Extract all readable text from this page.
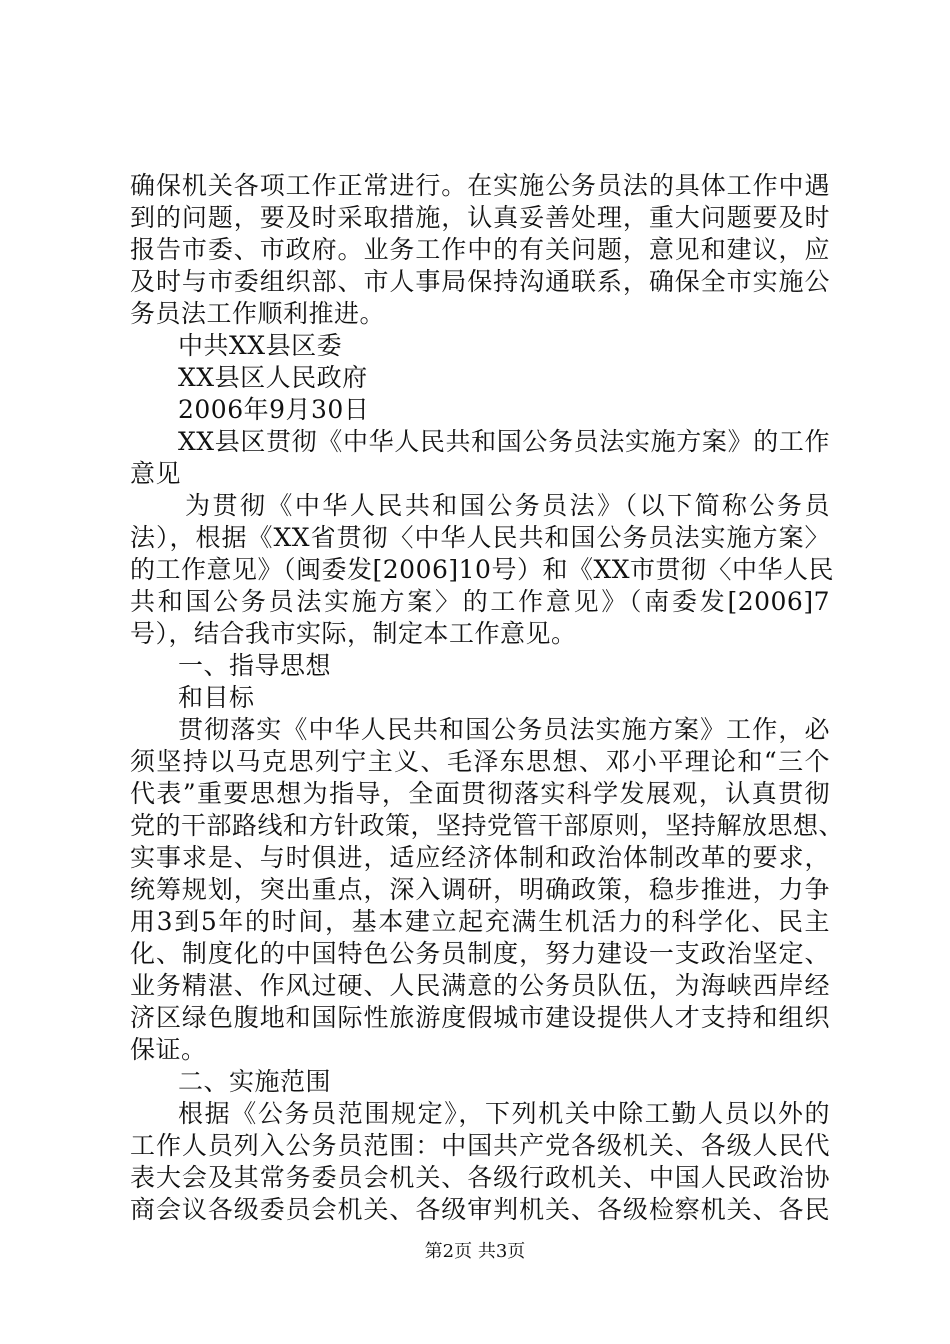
确保机关各项工作正常进行。在实施公务员法的具体工作中遇
到的问题，要及时采取措施，认真妥善处理，重大问题要及时
报告市委、市政府。业务工作中的有关问题，意见和建议，应
及时与市委组织部、市人事局保持沟通联系，确保全市实施公
务员法工作顺利推进。
中共XX县区委
XX县区人民政府
2006年9月30日
XX县区贯彻《中华人民共和国公务员法实施方案》的工作
意见
为贯彻《中华人民共和国公务员法》（以下简称公务员
法），根据《XX省贯彻〈中华人民共和国公务员法实施方案〉
的工作意见》（闽委发[2006]10号）和《XX市贯彻〈中华人民
共和国公务员法实施方案〉的工作意见》（南委发[2006]7
号），结合我市实际，制定本工作意见。
一、指导思想
和目标
贯彻落实《中华人民共和国公务员法实施方案》工作，必
须坚持以马克思列宁主义、毛泽东思想、邓小平理论和“三个
代表”重要思想为指导，全面贯彻落实科学发展观，认真贯彻
党的干部路线和方针政策，坚持党管干部原则，坚持解放思想、
实事求是、与时俱进，适应经济体制和政治体制改革的要求，
统筹规划，突出重点，深入调研，明确政策，稳步推进，力争
用3到5年的时间，基本建立起充满生机活力的科学化、民主
化、制度化的中国特色公务员制度，努力建设一支政治坚定、
业务精湛、作风过硬、人民满意的公务员队伍，为海峡西岸经
济区绿色腹地和国际性旅游度假城市建设提供人才支持和组织
保证。
二、实施范围
根据《公务员范围规定》，下列机关中除工勤人员以外的
工作人员列入公务员范围：中国共产党各级机关、各级人民代
表大会及其常务委员会机关、各级行政机关、中国人民政治协
商会议各级委员会机关、各级审判机关、各级检察机关、各民
第2页 共3页
